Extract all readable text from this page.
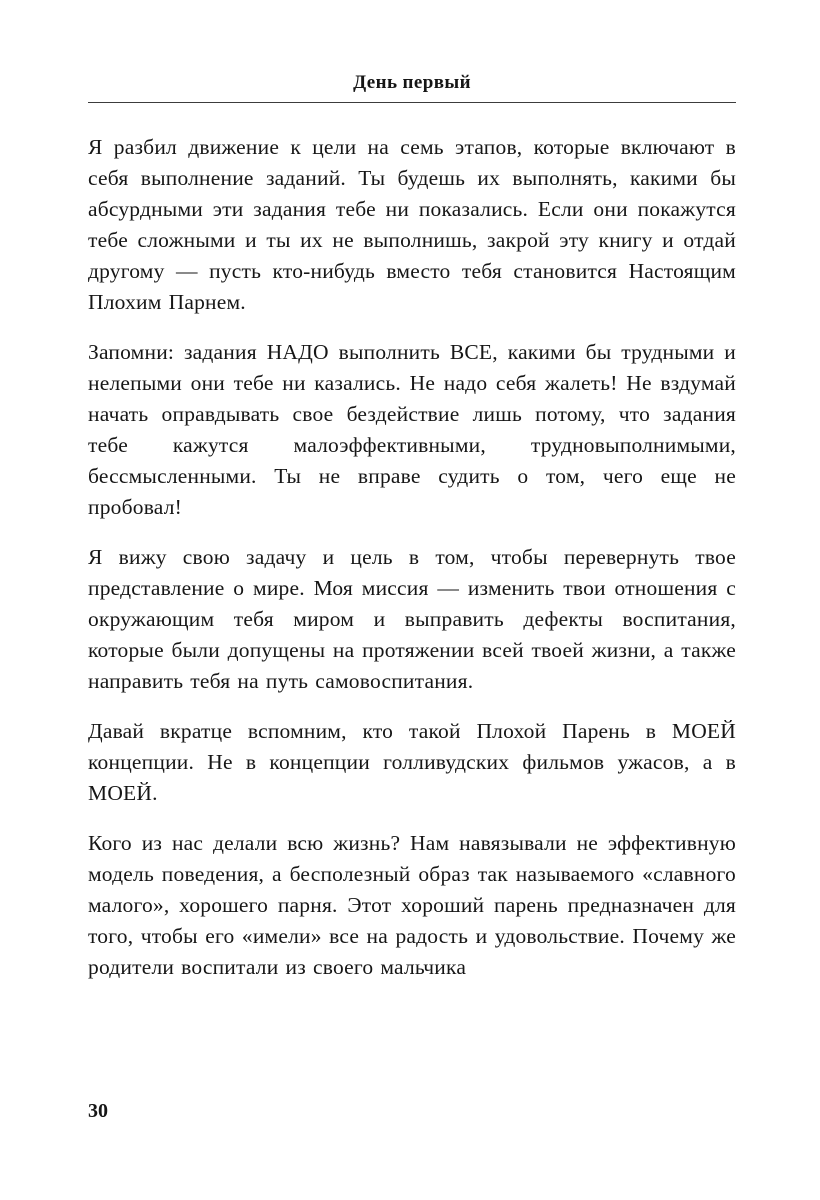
День первый

Я разбил движение к цели на семь этапов, которые включают в себя выполнение заданий. Ты будешь их выполнять, какими бы абсурдными эти задания тебе ни показались. Если они покажутся тебе сложными и ты их не выполнишь, закрой эту книгу и отдай другому — пусть кто-нибудь вместо тебя становится Настоящим Плохим Парнем.

Запомни: задания НАДО выполнить ВСЕ, какими бы трудными и нелепыми они тебе ни казались. Не надо себя жалеть! Не вздумай начать оправдывать свое бездействие лишь потому, что задания тебе кажутся малоэффективными, трудновыполнимыми, бессмысленными. Ты не вправе судить о том, чего еще не пробовал!

Я вижу свою задачу и цель в том, чтобы перевернуть твое представление о мире. Моя миссия — изменить твои отношения с окружающим тебя миром и выправить дефекты воспитания, которые были допущены на протяжении всей твоей жизни, а также направить тебя на путь самовоспитания.

Давай вкратце вспомним, кто такой Плохой Парень в МОЕЙ концепции. Не в концепции голливудских фильмов ужасов, а в МОЕЙ.

Кого из нас делали всю жизнь? Нам навязывали не эффективную модель поведения, а бесполезный образ так называемого «славного малого», хорошего парня. Этот хороший парень предназначен для того, чтобы его «имели» все на радость и удовольствие. Почему же родители воспитали из своего мальчика

30
